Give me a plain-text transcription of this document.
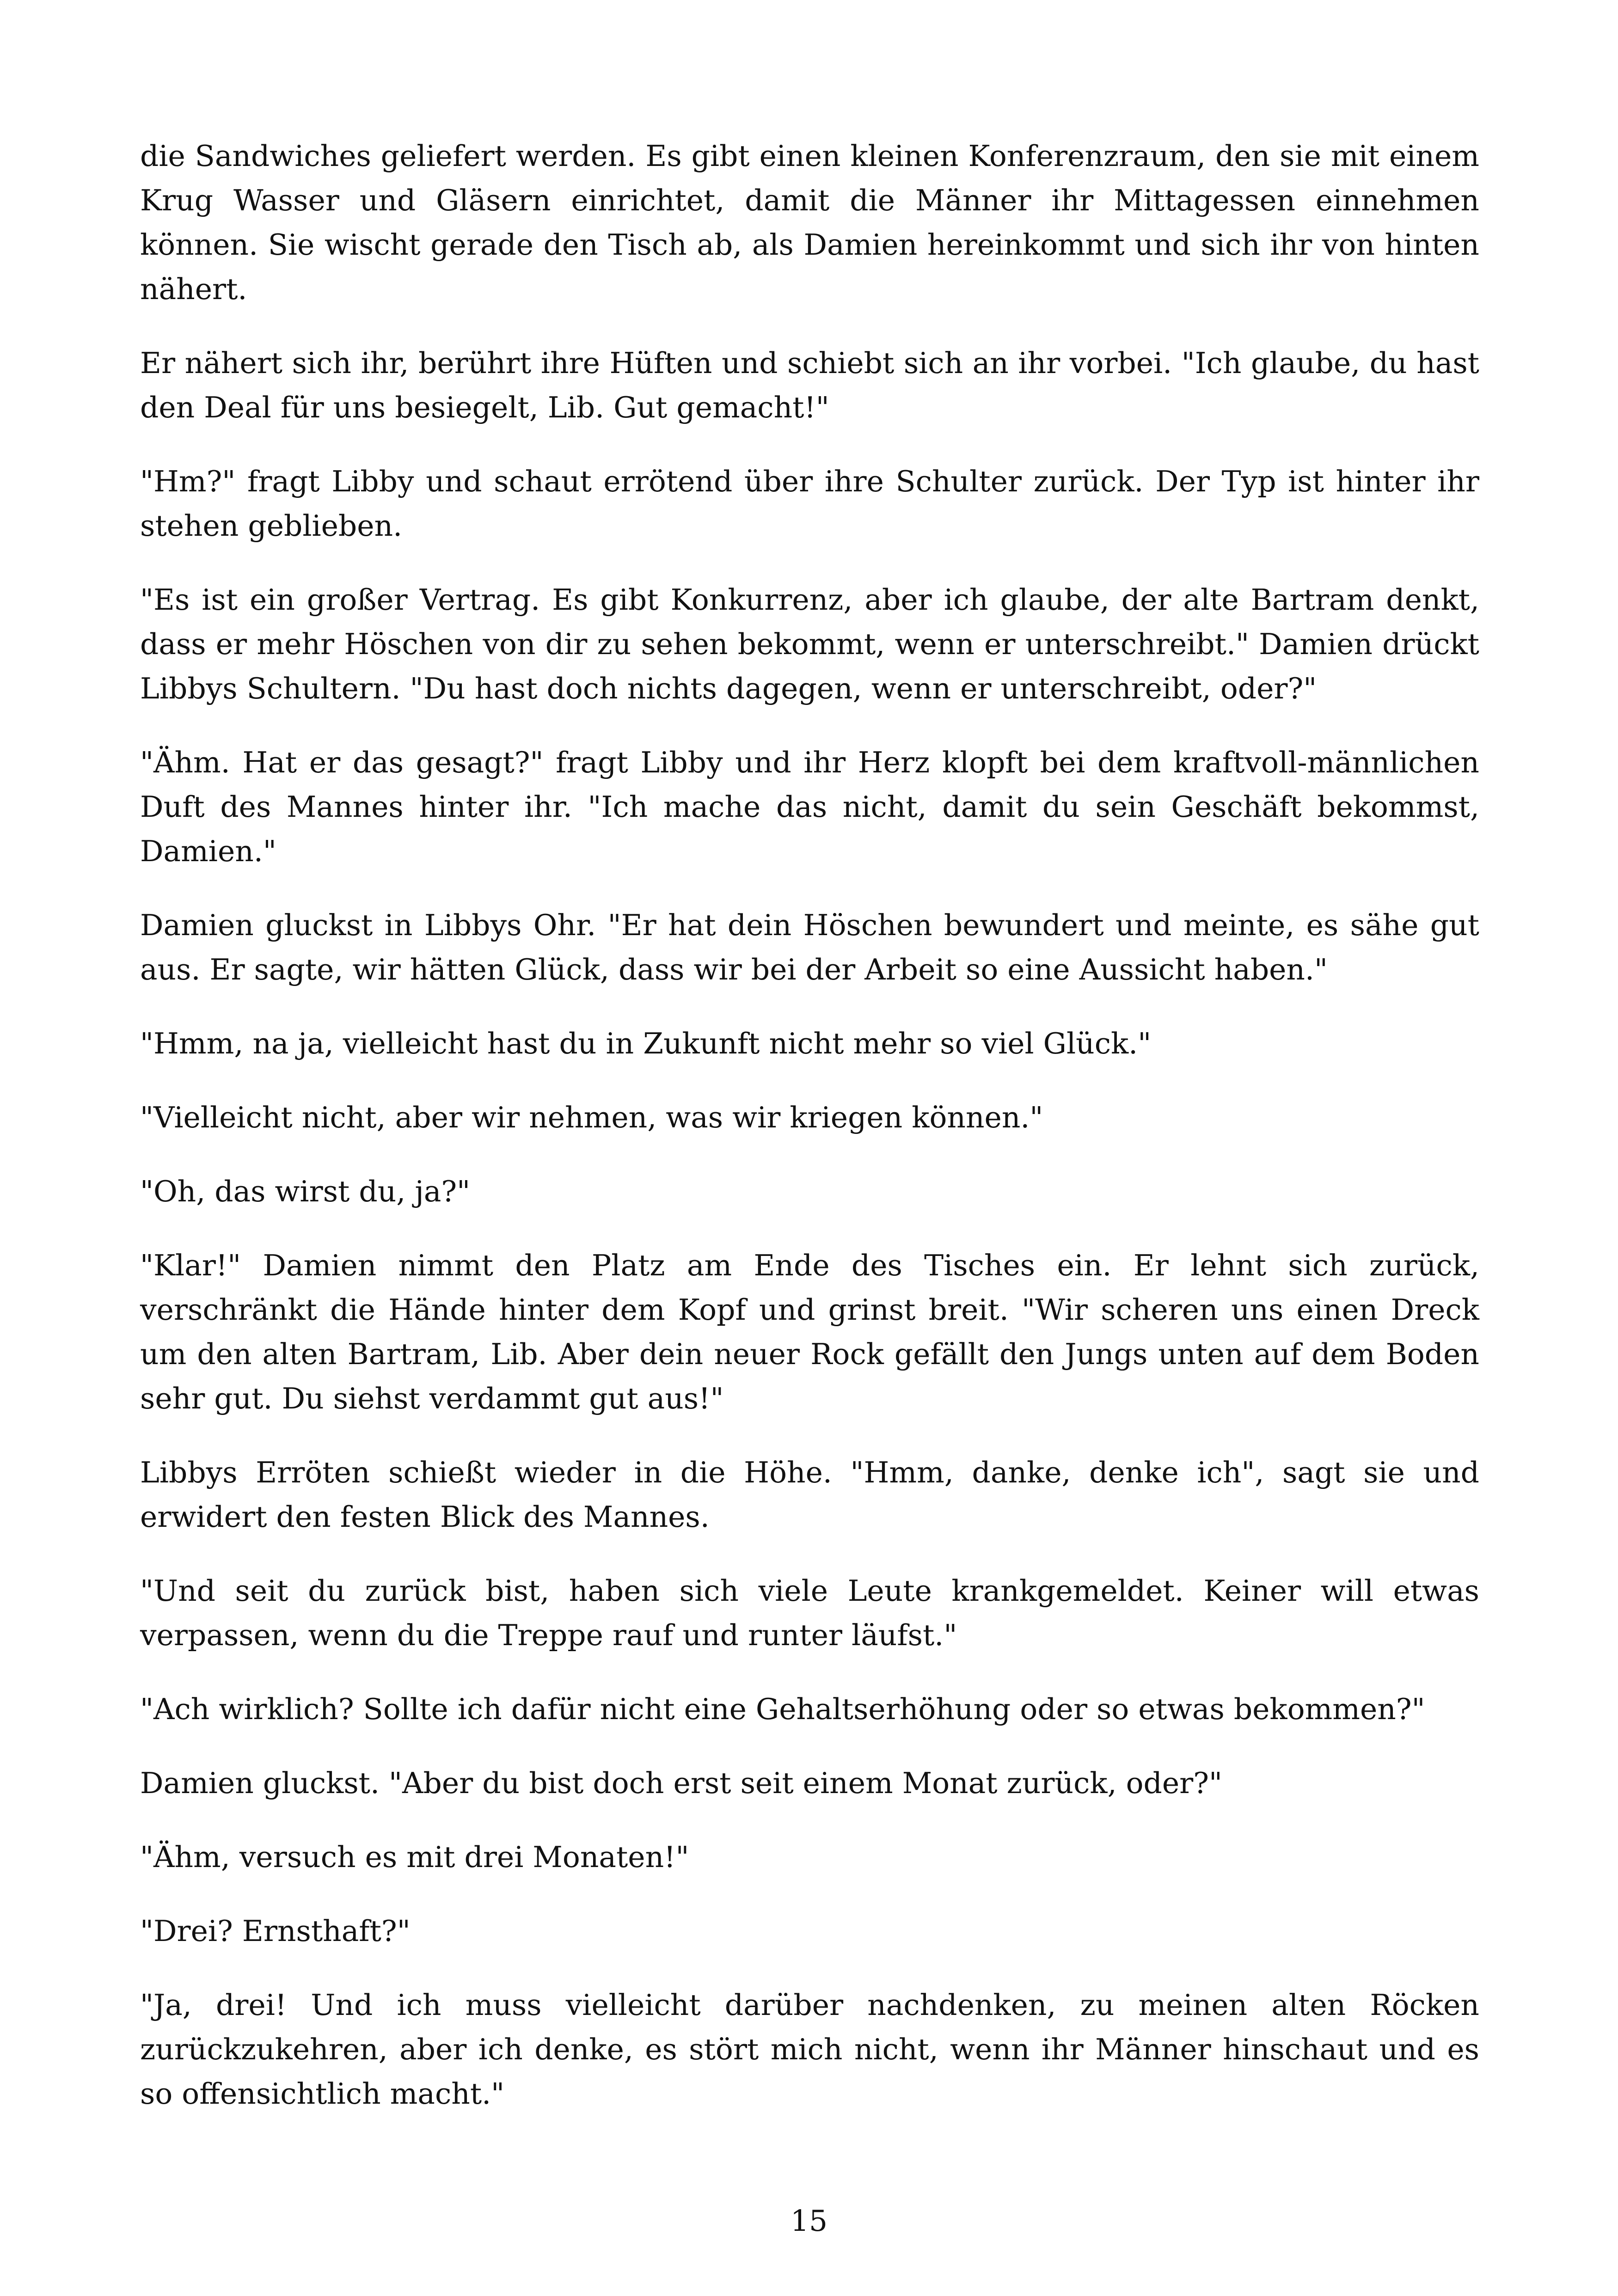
die Sandwiches geliefert werden. Es gibt einen kleinen Konferenzraum, den sie mit einem Krug Wasser und Gläsern einrichtet, damit die Männer ihr Mittagessen einnehmen können. Sie wischt gerade den Tisch ab, als Damien hereinkommt und sich ihr von hinten nähert.

Er nähert sich ihr, berührt ihre Hüften und schiebt sich an ihr vorbei. "Ich glaube, du hast den Deal für uns besiegelt, Lib. Gut gemacht!"

"Hm?" fragt Libby und schaut errötend über ihre Schulter zurück. Der Typ ist hinter ihr stehen geblieben.

"Es ist ein großer Vertrag. Es gibt Konkurrenz, aber ich glaube, der alte Bartram denkt, dass er mehr Höschen von dir zu sehen bekommt, wenn er unterschreibt." Damien drückt Libbys Schultern. "Du hast doch nichts dagegen, wenn er unterschreibt, oder?"

"Ähm. Hat er das gesagt?" fragt Libby und ihr Herz klopft bei dem kraftvoll-männlichen Duft des Mannes hinter ihr. "Ich mache das nicht, damit du sein Geschäft bekommst, Damien."

Damien gluckst in Libbys Ohr. "Er hat dein Höschen bewundert und meinte, es sähe gut aus. Er sagte, wir hätten Glück, dass wir bei der Arbeit so eine Aussicht haben."

"Hmm, na ja, vielleicht hast du in Zukunft nicht mehr so viel Glück."

"Vielleicht nicht, aber wir nehmen, was wir kriegen können."

"Oh, das wirst du, ja?"

"Klar!" Damien nimmt den Platz am Ende des Tisches ein. Er lehnt sich zurück, verschränkt die Hände hinter dem Kopf und grinst breit. "Wir scheren uns einen Dreck um den alten Bartram, Lib. Aber dein neuer Rock gefällt den Jungs unten auf dem Boden sehr gut. Du siehst verdammt gut aus!"

Libbys Erröten schießt wieder in die Höhe. "Hmm, danke, denke ich", sagt sie und erwidert den festen Blick des Mannes.

"Und seit du zurück bist, haben sich viele Leute krankgemeldet. Keiner will etwas verpassen, wenn du die Treppe rauf und runter läufst."

"Ach wirklich? Sollte ich dafür nicht eine Gehaltserhöhung oder so etwas bekommen?"

Damien gluckst. "Aber du bist doch erst seit einem Monat zurück, oder?"

"Ähm, versuch es mit drei Monaten!"

"Drei? Ernsthaft?"

"Ja, drei! Und ich muss vielleicht darüber nachdenken, zu meinen alten Röcken zurückzukehren, aber ich denke, es stört mich nicht, wenn ihr Männer hinschaut und es so offensichtlich macht."

15
